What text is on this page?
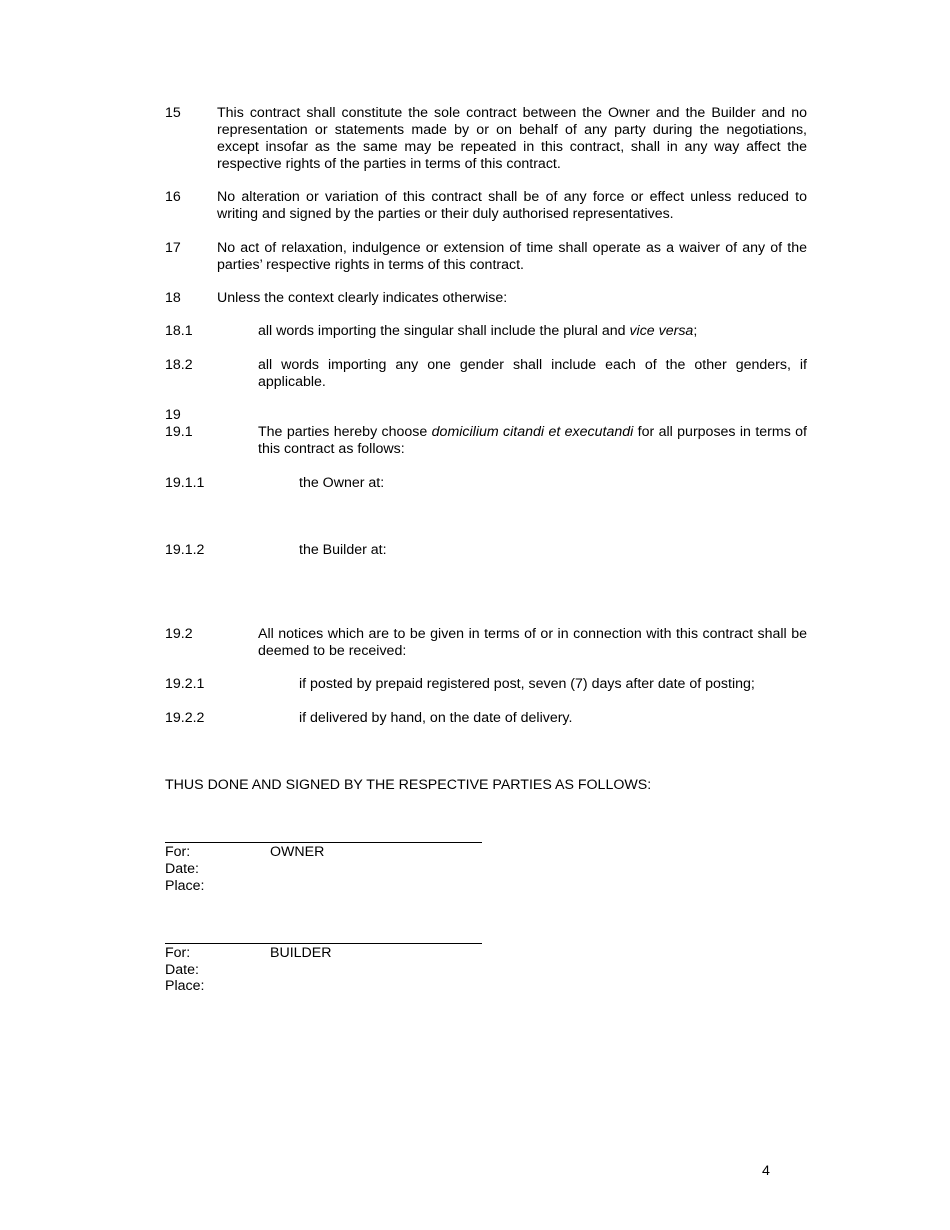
15	This contract shall constitute the sole contract between the Owner and the Builder and no representation or statements made by or on behalf of any party during the negotiations, except insofar as the same may be repeated in this contract, shall in any way affect the respective rights of the parties in terms of this contract.
16	No alteration or variation of this contract shall be of any force or effect unless reduced to writing and signed by the parties or their duly authorised representatives.
17	No act of relaxation, indulgence or extension of time shall operate as a waiver of any of the parties’ respective rights in terms of this contract.
18	Unless the context clearly indicates otherwise:
18.1	all words importing the singular shall include the plural and vice versa;
18.2	all words importing any one gender shall include each of the other genders, if applicable.
19
19.1	The parties hereby choose domicilium citandi et executandi for all purposes in terms of this contract as follows:
19.1.1	the Owner at:
19.1.2	the Builder at:
19.2	All notices which are to be given in terms of or in connection with this contract shall be deemed to be received:
19.2.1	if posted by prepaid registered post, seven (7) days after date of posting;
19.2.2	if delivered by hand, on the date of delivery.
THUS DONE AND SIGNED BY THE RESPECTIVE PARTIES AS FOLLOWS:
For:	OWNER
Date:
Place:
For:	BUILDER
Date:
Place:
4
